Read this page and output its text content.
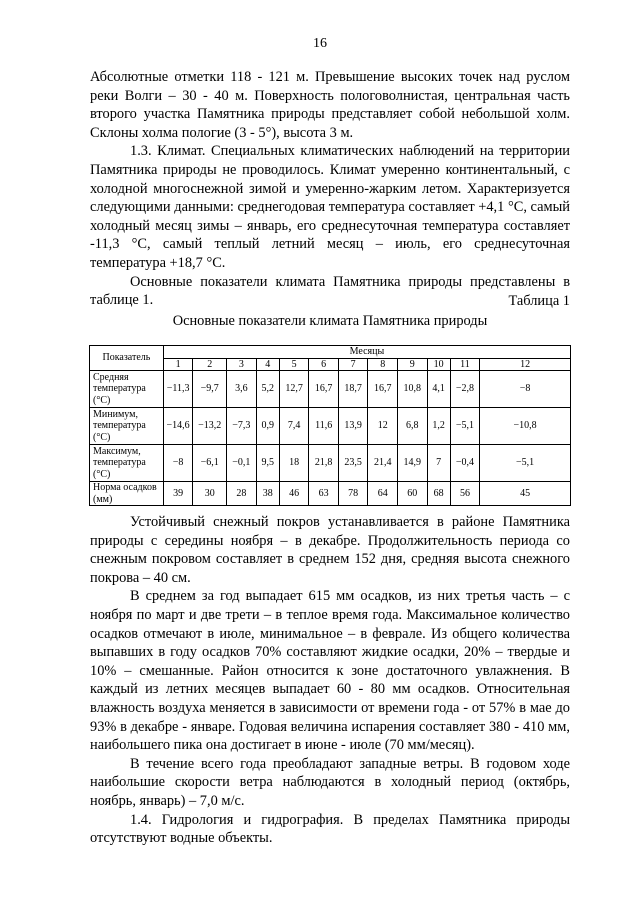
16

Абсолютные отметки 118 - 121 м. Превышение высоких точек над руслом реки Волги – 30 - 40 м. Поверхность пологоволнистая, центральная часть второго участка Памятника природы представляет собой небольшой холм. Склоны холма пологие (3 - 5°), высота 3 м.

1.3. Климат. Специальных климатических наблюдений на территории Памятника природы не проводилось. Климат умеренно континентальный, с холодной многоснежной зимой и умеренно-жарким летом. Характеризуется следующими данными: среднегодовая температура составляет +4,1 °С, самый холодный месяц зимы – январь, его среднесуточная температура составляет -11,3 °С, самый теплый летний месяц – июль, его среднесуточная температура +18,7 °С.

Основные показатели климата Памятника природы представлены в таблице 1.	Таблица 1
Основные показатели климата Памятника природы
Показатель	Месяцы											
	1	2	3	4	5	6	7	8	9	10	11	12
Средняя температура (°С)	−11,3	−9,7	3,6	5,2	12,7	16,7	18,7	16,7	10,8	4,1	−2,8	−8
Минимум, температура (°С)	−14,6	−13,2	−7,3	0,9	7,4	11,6	13,9	12	6,8	1,2	−5,1	−10,8
Максимум, температура (°С)	−8	−6,1	−0,1	9,5	18	21,8	23,5	21,4	14,9	7	−0,4	−5,1
Норма осадков (мм)	39	30	28	38	46	63	78	64	60	68	56	45

Устойчивый снежный покров устанавливается в районе Памятника природы с середины ноября – в декабре. Продолжительность периода со снежным покровом составляет в среднем 152 дня, средняя высота снежного покрова – 40 см.

В среднем за год выпадает 615 мм осадков, из них третья часть – с ноября по март и две трети – в теплое время года. Максимальное количество осадков отмечают в июле, минимальное – в феврале. Из общего количества выпавших в году осадков 70% составляют жидкие осадки, 20% – твердые и 10% – смешанные. Район относится к зоне достаточного увлажнения. В каждый из летних месяцев выпадает 60 - 80 мм осадков. Относительная влажность воздуха меняется в зависимости от времени года - от 57% в мае до 93% в декабре - январе. Годовая величина испарения составляет 380 - 410 мм, наибольшего пика она достигает в июне - июле (70 мм/месяц).

В течение всего года преобладают западные ветры. В годовом ходе наибольшие скорости ветра наблюдаются в холодный период (октябрь, ноябрь, январь) – 7,0 м/с.

1.4. Гидрология и гидрография. В пределах Памятника природы отсутствуют водные объекты.
